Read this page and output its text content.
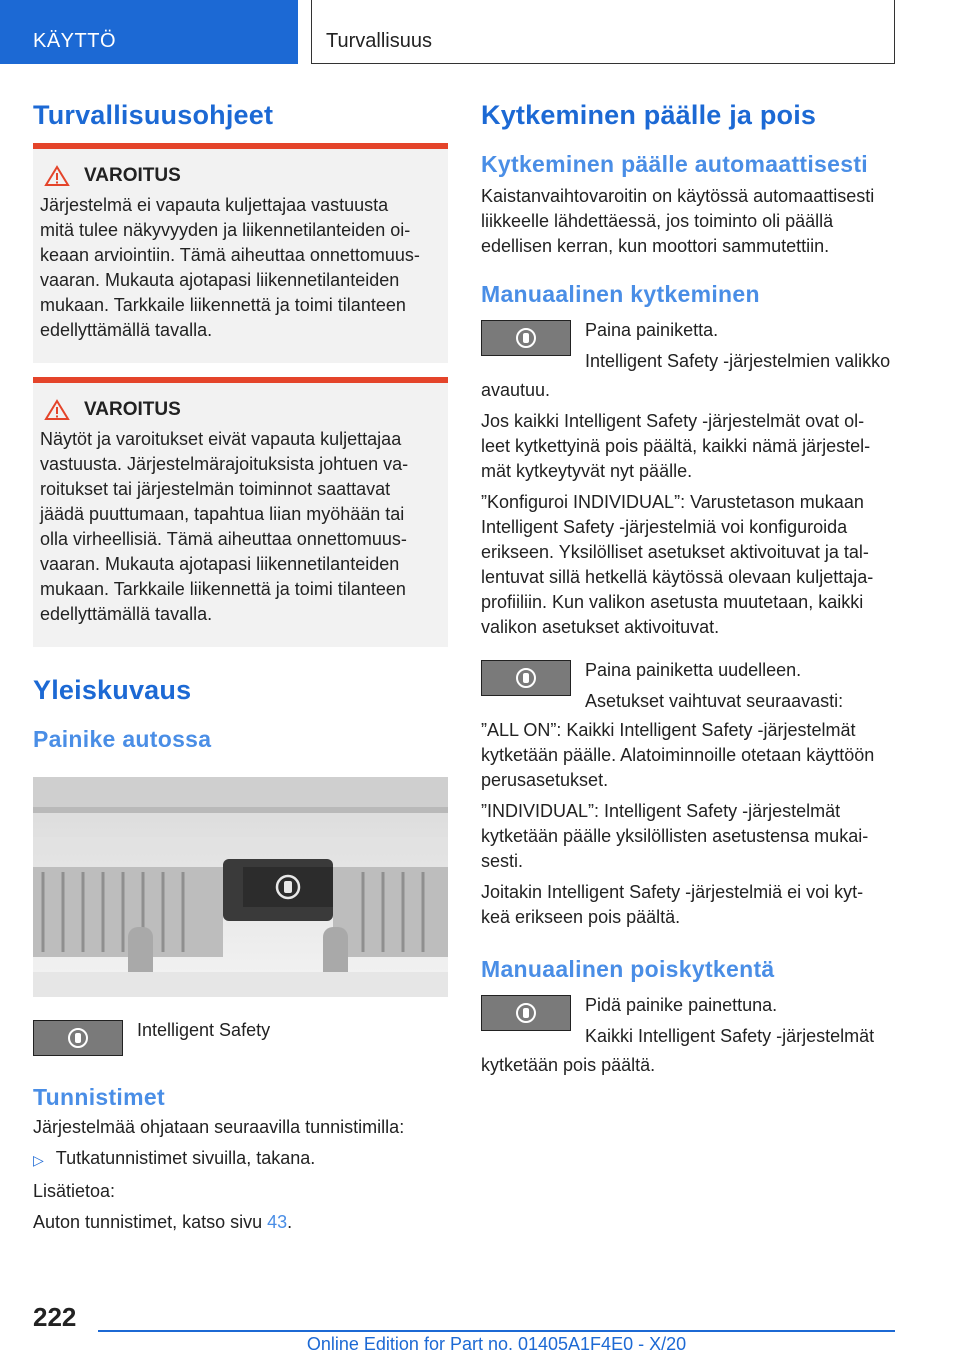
KÄYTTÖ	Turvallisuus
Turvallisuusohjeet
VAROITUS

Järjestelmä ei vapauta kuljettajaa vastuusta

mitä tulee näkyvyyden ja liikennetilanteiden oi-

keaan arviointiin. Tämä aiheuttaa onnettomuus-

vaaran. Mukauta ajotapasi liikennetilanteiden

mukaan. Tarkkaile liikennettä ja toimi tilanteen

edellyttämällä tavalla.

VAROITUS

Näytöt ja varoitukset eivät vapauta kuljettajaa

vastuusta. Järjestelmärajoituksista johtuen va-

roitukset tai järjestelmän toiminnot saattavat

jäädä puuttumaan, tapahtua liian myöhään tai

olla virheellisiä. Tämä aiheuttaa onnettomuus-

vaaran. Mukauta ajotapasi liikennetilanteiden

mukaan. Tarkkaile liikennettä ja toimi tilanteen

edellyttämällä tavalla.

Yleiskuvaus
Painike autossa

Intelligent Safety

Tunnistimet

Järjestelmää ohjataan seuraavilla tunnistimilla:

▷ Tutkatunnistimet sivuilla, takana.

Lisätietoa:

Auton tunnistimet, katso sivu 43.

Kytkeminen päälle ja pois
Kytkeminen päälle automaattisesti

Kaistanvaihtovaroitin on käytössä automaattisesti

liikkeelle lähdettäessä, jos toiminto oli päällä

edellisen kerran, kun moottori sammutettiin.

Manuaalinen kytkeminen

Paina painiketta.

Intelligent Safety -järjestelmien valikko

avautuu.

Jos kaikki Intelligent Safety -järjestelmät ovat ol-

leet kytkettyinä pois päältä, kaikki nämä järjestel-

mät kytkeytyvät nyt päälle.

”Konfiguroi INDIVIDUAL”: Varustetason mukaan

Intelligent Safety -järjestelmiä voi konfiguroida

erikseen. Yksilölliset asetukset aktivoituvat ja tal-

lentuvat sillä hetkellä käytössä olevaan kuljettaja-

profiiliin. Kun valikon asetusta muutetaan, kaikki

valikon asetukset aktivoituvat.

Paina painiketta uudelleen.

Asetukset vaihtuvat seuraavasti:

”ALL ON”: Kaikki Intelligent Safety -järjestelmät

kytketään päälle. Alatoiminnoille otetaan käyttöön

perusasetukset.

”INDIVIDUAL”: Intelligent Safety -järjestelmät

kytketään päälle yksilöllisten asetustensa mukai-

sesti.

Joitakin Intelligent Safety -järjestelmiä ei voi kyt-

keä erikseen pois päältä.

Manuaalinen poiskytkentä

Pidä painike painettuna.

Kaikki Intelligent Safety -järjestelmät

kytketään pois päältä.

222
Online Edition for Part no. 01405A1F4E0 - X/20
